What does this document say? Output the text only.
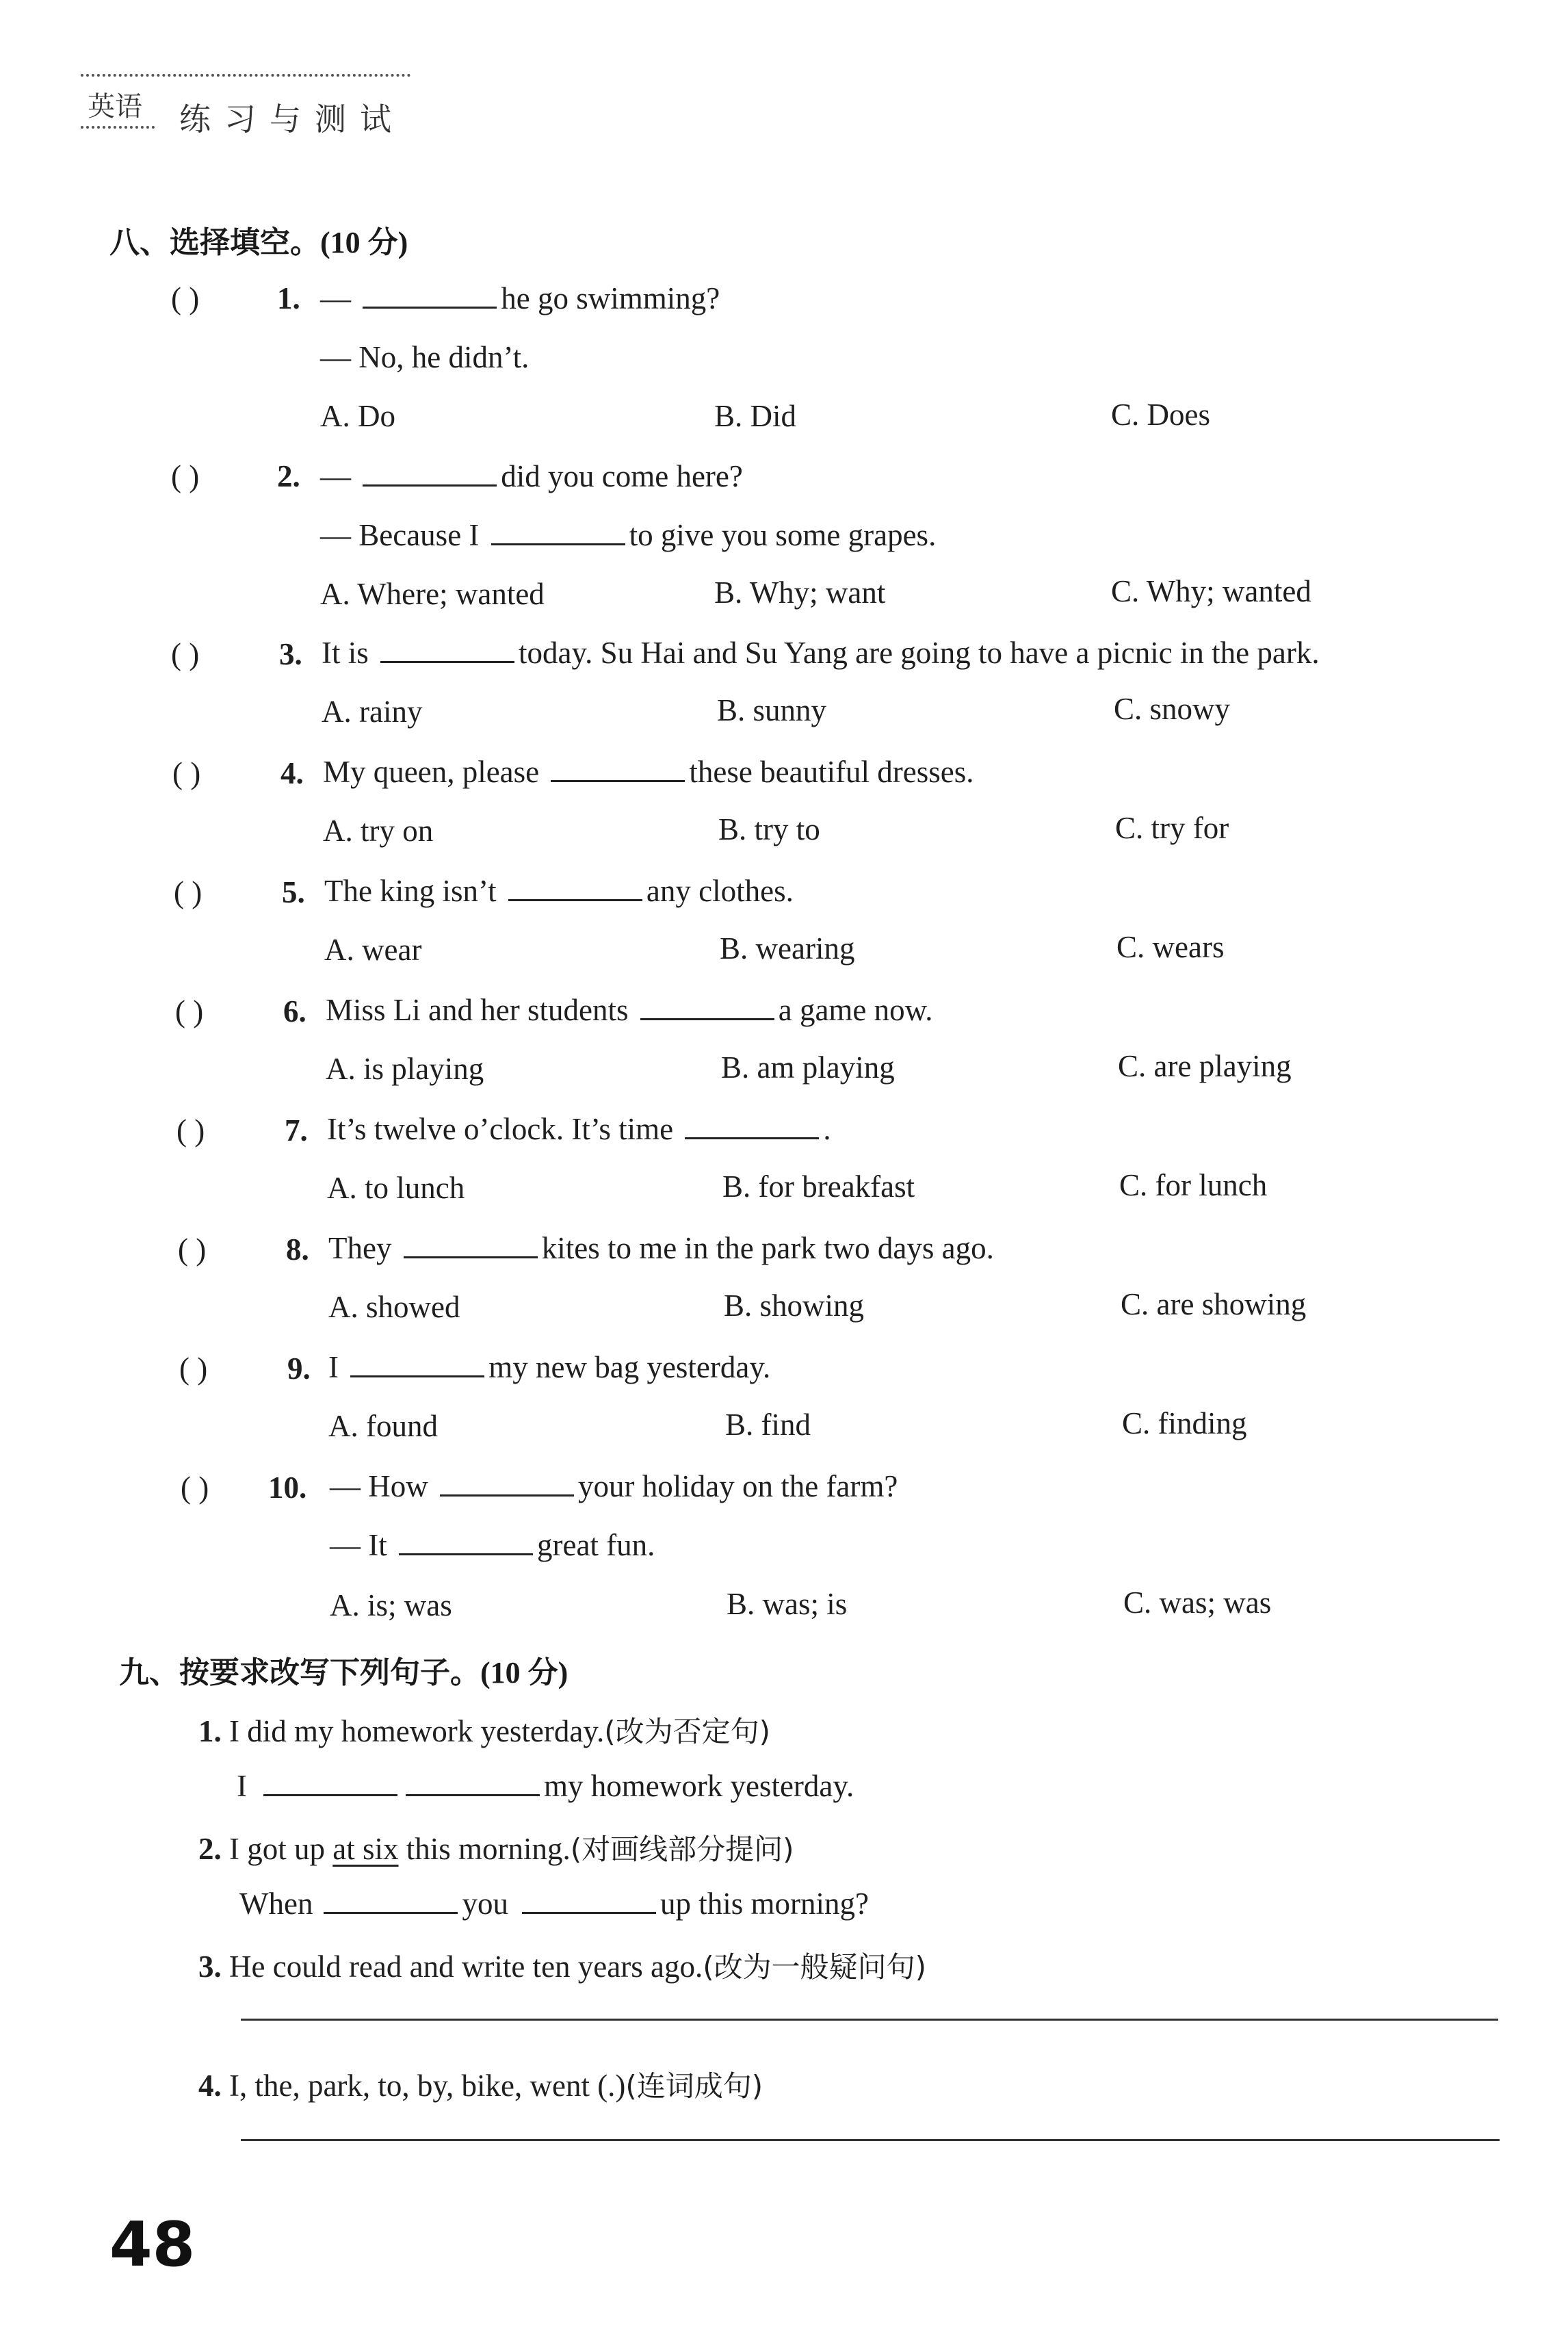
英语 练习与测试
八、选择填空。(10 分)
( )	1. —	he go swimming?
— No, he didn’t.
A. Do	B. Did	C. Does
( )	2. —	did you come here?
— Because I	to give you some grapes.
A. Where; wanted	B. Why; want	C. Why; wanted
( )	3. It is	today. Su Hai and Su Yang are going to have a picnic in the park.
A. rainy	B. sunny	C. snowy
( )	4. My queen, please	these beautiful dresses.
A. try on	B. try to	C. try for
( )	5. The king isn’t	any clothes.
A. wear	B. wearing	C. wears
( )	6. Miss Li and her students	a game now.
A. is playing	B. am playing	C. are playing
( )	7. It’s twelve o’clock. It’s time	.
A. to lunch	B. for breakfast	C. for lunch
( )	8. They	kites to me in the park two days ago.
A. showed	B. showing	C. are showing
( )	9. I	my new bag yesterday.
A. found	B. find	C. finding
( ) 10. — How	your holiday on the farm?
— It	great fun.
A. is; was	B. was; is	C. was; was
九、按要求改写下列句子。(10 分)
1. I did my homework yesterday.(改为否定句)
I	my homework yesterday.
2. I got up at six this morning.(对画线部分提问)
When	you	up this morning?
3. He could read and write ten years ago.(改为一般疑问句)
4. I, the, park, to, by, bike, went (.)(连词成句)
48
